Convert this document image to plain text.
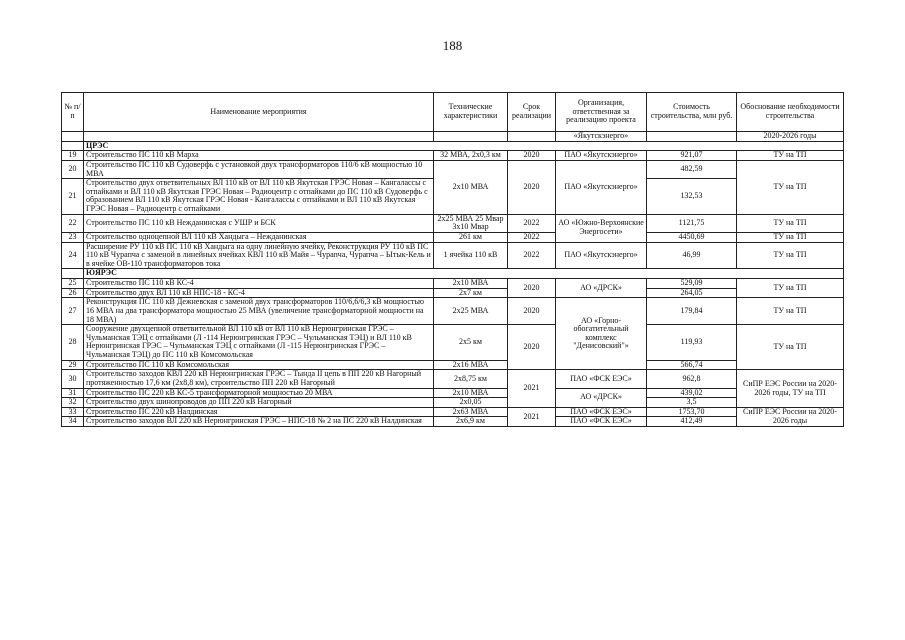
188
№ п/п	Наименование мероприятия	Технические характеристики	Срок реализации	Организация, ответственная за реализацию проекта	Стоимость строительства, млн руб.	Обоснование необходимости строительства
				«Якутскэнерго»		2020-2026 годы
	ЦРЭС					
19	Строительство ПС 110 кВ Марха	32 МВА, 2х0,3 км	2020	ПАО «Якутскэнерго»	921,07	ТУ на ТП
20	Строительство ПС 110 кВ Судоверфь с установкой двух трансформаторов 110/6 кВ мощностью 10 МВА	2х10 МВА	2020	ПАО «Якутскэнерго»	482,59	ТУ на ТП
21	Строительство двух ответвительных ВЛ 110 кВ от ВЛ 110 кВ Якутская ГРЭС Новая – Кангалассы с отпайками и ВЛ 110 кВ Якутская ГРЭС Новая – Радиоцентр с отпайками до ПС 110 кВ Судоверфь с образованием ВЛ 110 кВ Якутская ГРЭС Новая - Кангалассы с отпайками и ВЛ 110 кВ Якутская ГРЭС Новая – Радиоцентр с отпайками				132,53	
22	Строительство ПС 110 кВ Нежданинская с УШР и БСК	2х25 МВА 25 Мвар 3х10 Мвар	2022	АО «Южно-Верхоянские Энергосети»	1121,75	ТУ на ТП
23	Строительство одноцепной ВЛ 110 кВ Хандыга – Нежданинская	261 км	2022		4450,69	ТУ на ТП
24	Расширение РУ 110 кВ ПС 110 кВ Хандыга на одну линейную ячейку, Реконструкция РУ 110 кВ ПС 110 кВ Чурапча с заменой в линейных ячейках КВЛ 110 кВ Майя – Чурапча, Чурапча – Ытык-Кель и в ячейке ОВ-110 трансформаторов тока	1 ячейка 110 кВ	2022	ПАО «Якутскэнерго»	46,99	ТУ на ТП
	ЮЯРЭС					
25	Строительство ПС 110 кВ КС-4	2х10 МВА	2020	АО «ДРСК»	529,09	ТУ на ТП
26	Строительство двух ВЛ 110 кВ НПС-18 - КС-4	2х7 км			264,05	
27	Реконструкция ПС 110 кВ Дежневская с заменой двух трансформаторов 110/6,6/6,3 кВ мощностью 16 МВА на два трансформатора мощностью 25 МВА (увеличение трансформаторной мощности на 18 МВА)	2х25 МВА	2020	АО «Горно-обогатительный комплекс "Денисовский"»	179,84	ТУ на ТП
28	Сооружение двухцепной ответвительной ВЛ 110 кВ от ВЛ 110 кВ Нерюнгринская ГРЭС – Чульманская ТЭЦ с отпайками (Л -114 Нерюнгринская ГРЭС – Чульманская ТЭЦ) и ВЛ 110 кВ Нерюнгринская ГРЭС – Чульманская ТЭЦ с отпайками (Л -115 Нерюнгринская ГРЭС – Чульманская ТЭЦ) до ПС 110 кВ Комсомольская	2х5 км	2020		119,93	ТУ на ТП
29	Строительство ПС 110 кВ Комсомольская	2х16 МВА			566,74	
30	Строительство заходов КВЛ 220 кВ Нерюнгринская ГРЭС – Тында II цепь в ПП 220 кВ Нагорный протяженностью 17,6 км (2х8,8 км), строительство ПП 220 кВ Нагорный	2х8,75 км	2021	ПАО «ФСК ЕЭС»	962,8	СиПР ЕЭС России на 2020-2026 годы, ТУ на ТП
31	Строительство ПС 220 кВ КС-5 трансформаторной мощностью 20 МВА	2х10 МВА		АО «ДРСК»	439,02	
32	Строительство двух шинопроводов до ПП 220 кВ Нагорный	2х0,05			3,5	
33	Строительство ПС 220 кВ Налдинская	2х63 МВА	2021	ПАО «ФСК ЕЭС»	1753,70	СиПР ЕЭС России на 2020-2026 годы
34	Строительство заходов ВЛ 220 кВ Нерюнгринская ГРЭС – НПС-18 № 2 на ПС 220 кВ Налдинская	2х6,9 км		ПАО «ФСК ЕЭС»	412,49	
